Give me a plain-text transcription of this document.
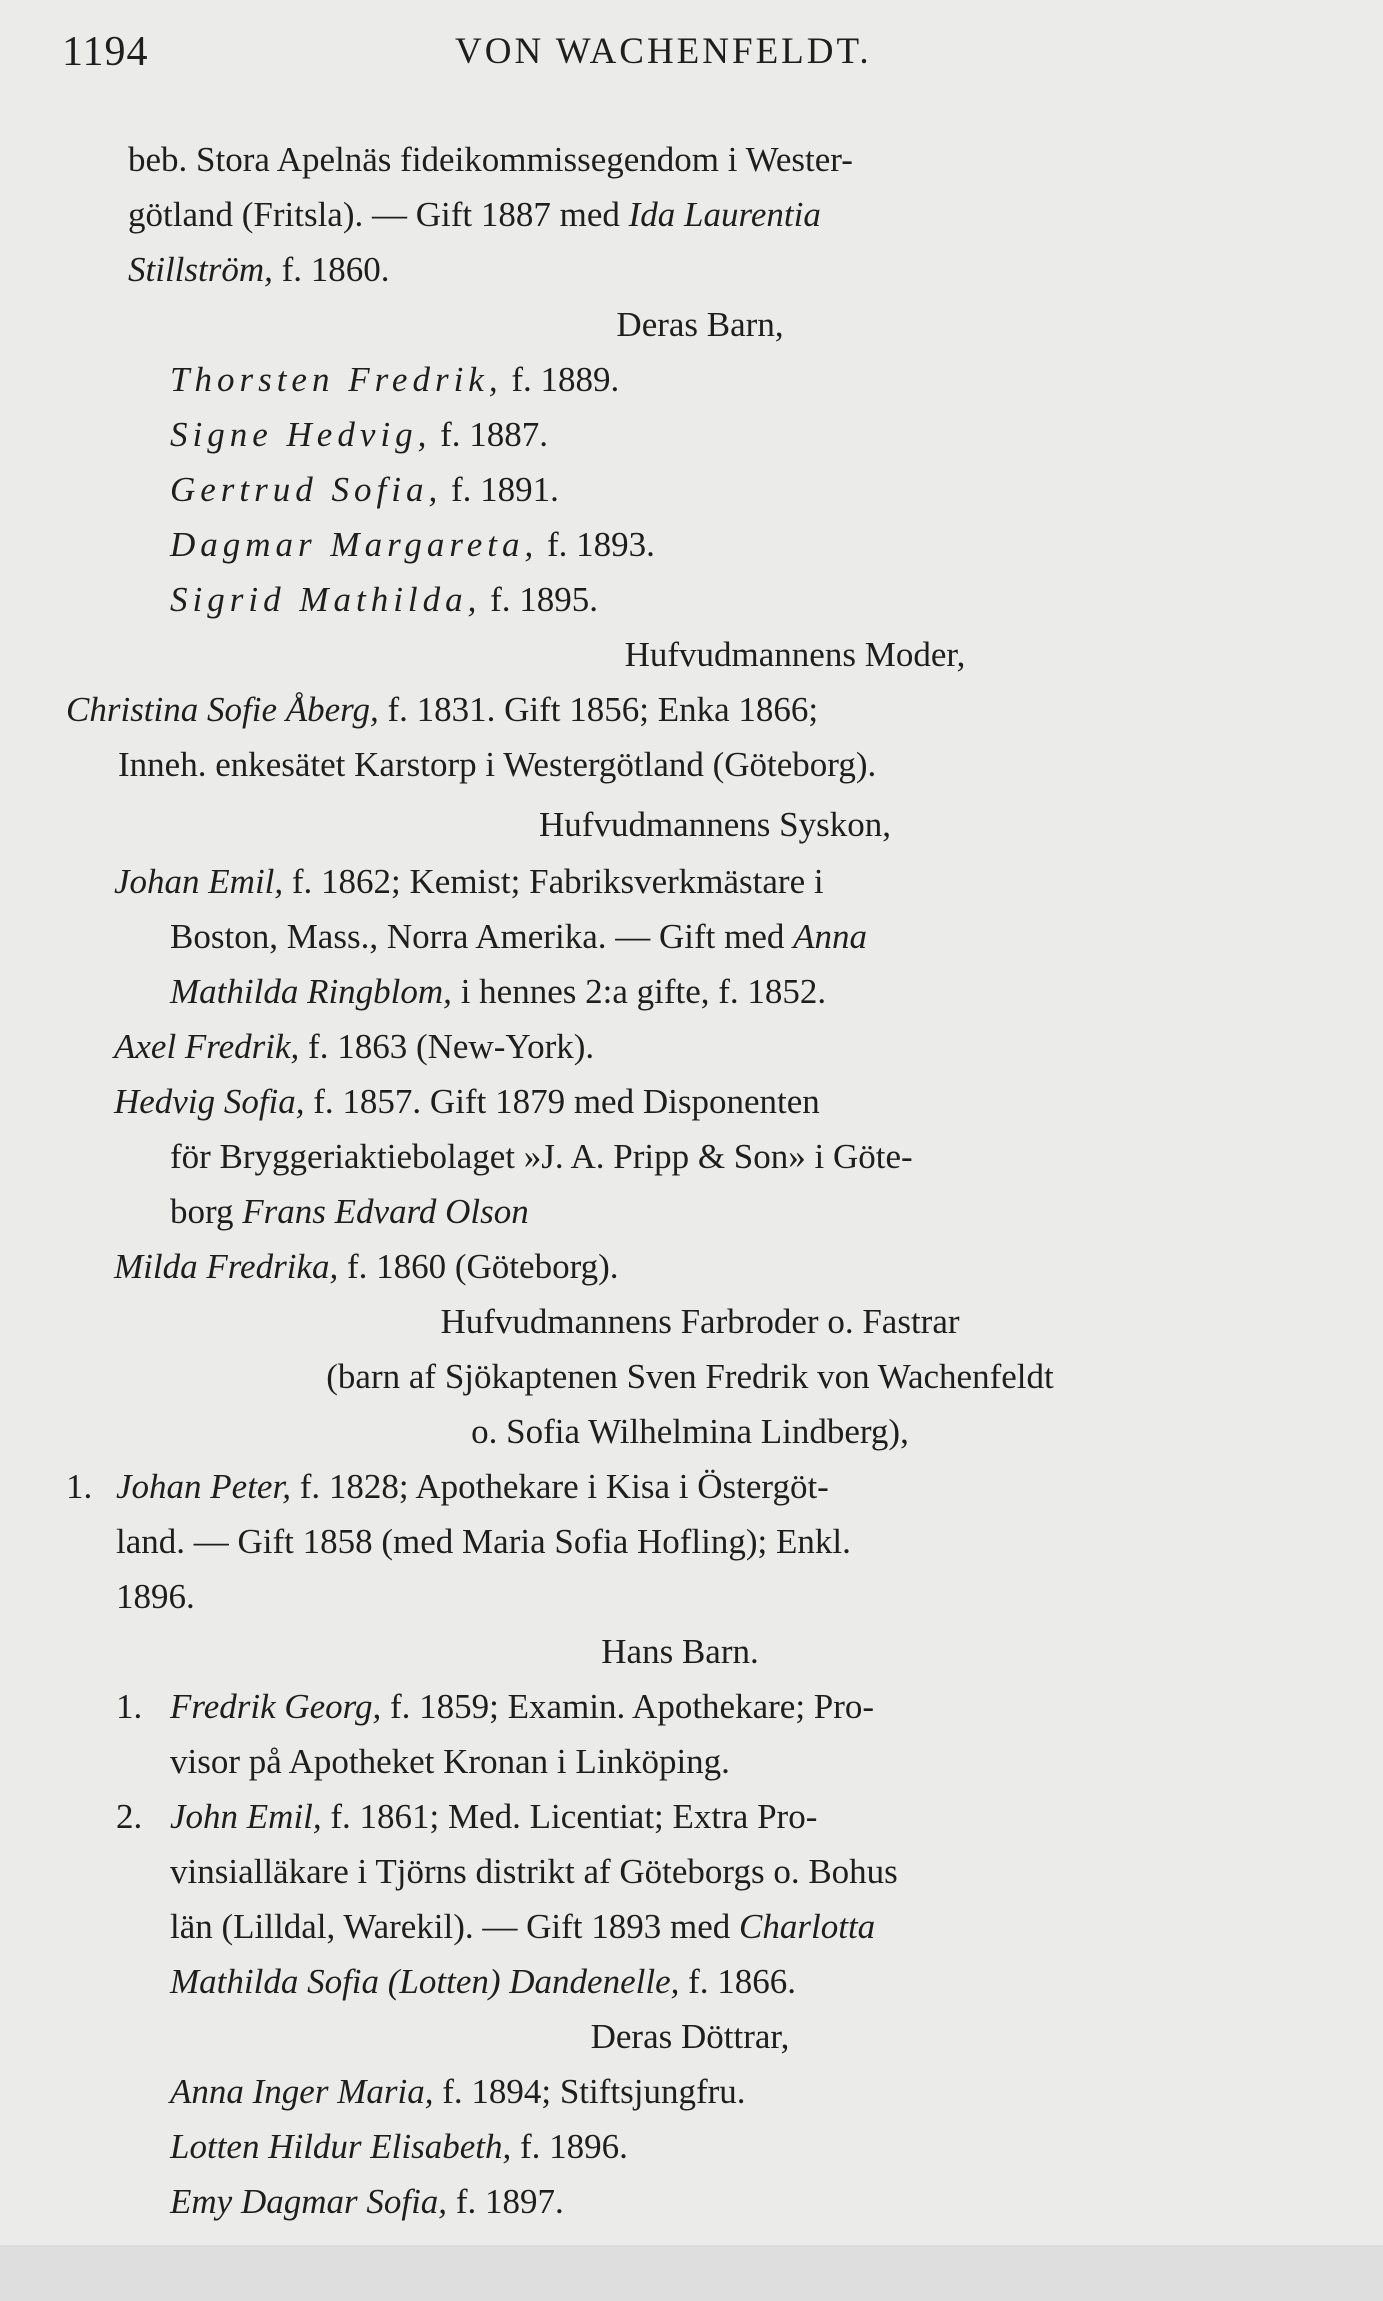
1194	VON WACHENFELDT.
beb. Stora Apelnäs fideikommissegendom i Wester-
götland (Fritsla). — Gift 1887 med Ida Laurentia
Stillström, f. 1860.
Deras Barn,
Thorsten Fredrik, f. 1889.
Signe Hedvig, f. 1887.
Gertrud Sofia, f. 1891.
Dagmar Margareta, f. 1893.
Sigrid Mathilda, f. 1895.
Hufvudmannens Moder,
Christina Sofie Åberg, f. 1831. Gift 1856; Enka 1866;
Inneh. enkesätet Karstorp i Westergötland (Göteborg).
Hufvudmannens Syskon,
Johan Emil, f. 1862; Kemist; Fabriksverkmästare i
Boston, Mass., Norra Amerika. — Gift med Anna
Mathilda Ringblom, i hennes 2:a gifte, f. 1852.
Axel Fredrik, f. 1863 (New-York).
Hedvig Sofia, f. 1857. Gift 1879 med Disponenten
för Bryggeriaktiebolaget »J. A. Pripp & Son» i Göte-
borg Frans Edvard Olson
Milda Fredrika, f. 1860 (Göteborg).
Hufvudmannens Farbroder o. Fastrar
(barn af Sjökaptenen Sven Fredrik von Wachenfeldt
o. Sofia Wilhelmina Lindberg),
1. Johan Peter, f. 1828; Apothekare i Kisa i Östergöt-
land. — Gift 1858 (med Maria Sofia Hofling); Enkl.
1896.
Hans Barn.
1. Fredrik Georg, f. 1859; Examin. Apothekare; Pro-
visor på Apotheket Kronan i Linköping.
2. John Emil, f. 1861; Med. Licentiat; Extra Pro-
vinsialläkare i Tjörns distrikt af Göteborgs o. Bohus
län (Lilldal, Warekil). — Gift 1893 med Charlotta
Mathilda Sofia (Lotten) Dandenelle, f. 1866.
Deras Döttrar,
Anna Inger Maria, f. 1894; Stiftsjungfru.
Lotten Hildur Elisabeth, f. 1896.
Emy Dagmar Sofia, f. 1897.
